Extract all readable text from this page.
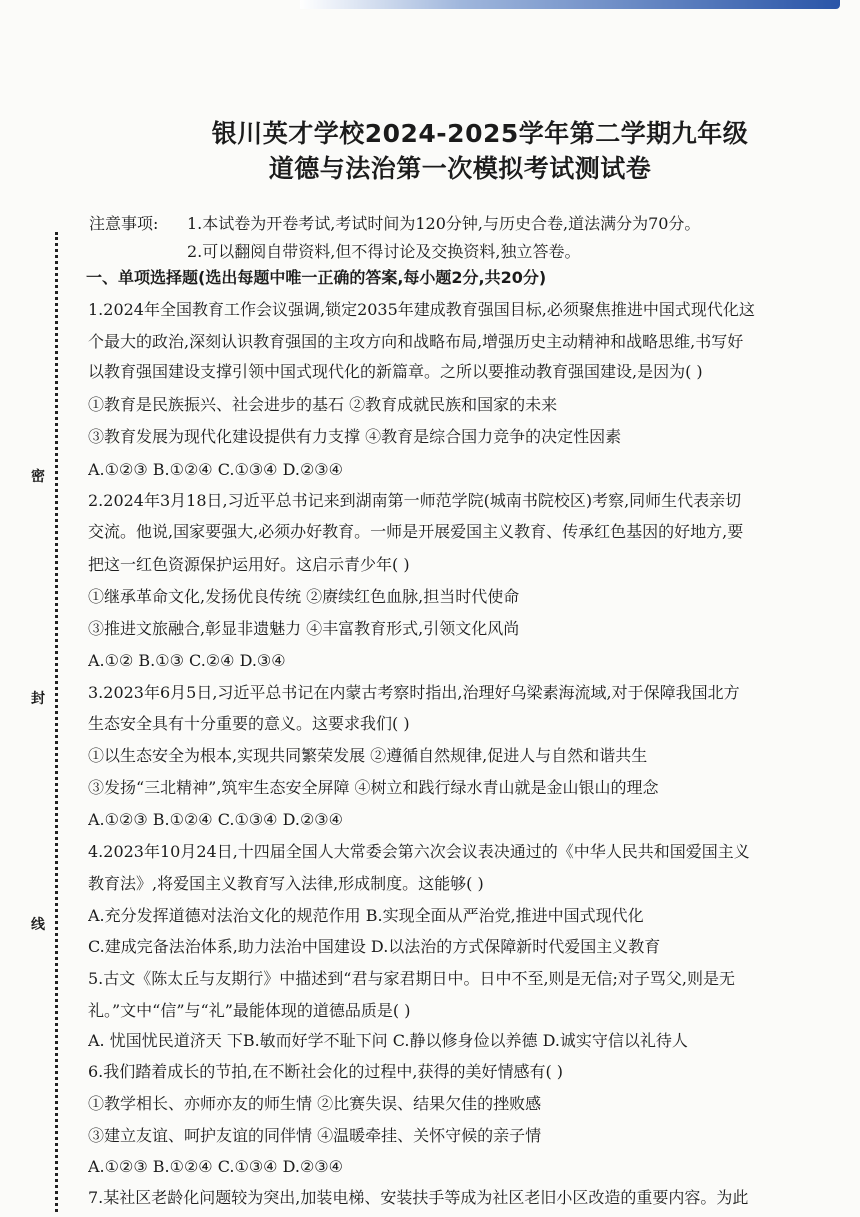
银川英才学校2024-2025学年第二学期九年级
道德与法治第一次模拟考试测试卷
密
封
线
注意事项: 1.本试卷为开卷考试,考试时间为120分钟,与历史合卷,道法满分为70分。
2.可以翻阅自带资料,但不得讨论及交换资料,独立答卷。
一、单项选择题(选出每题中唯一正确的答案,每小题2分,共20分)
1.2024年全国教育工作会议强调,锁定2035年建成教育强国目标,必须聚焦推进中国式现代化这
个最大的政治,深刻认识教育强国的主攻方向和战略布局,增强历史主动精神和战略思维,书写好
以教育强国建设支撑引领中国式现代化的新篇章。之所以要推动教育强国建设,是因为( )
①教育是民族振兴、社会进步的基石 ②教育成就民族和国家的未来
③教育发展为现代化建设提供有力支撑 ④教育是综合国力竞争的决定性因素
A.①②③ B.①②④ C.①③④ D.②③④
2.2024年3月18日,习近平总书记来到湖南第一师范学院(城南书院校区)考察,同师生代表亲切
交流。他说,国家要强大,必须办好教育。一师是开展爱国主义教育、传承红色基因的好地方,要
把这一红色资源保护运用好。这启示青少年( )
①继承革命文化,发扬优良传统 ②赓续红色血脉,担当时代使命
③推进文旅融合,彰显非遗魅力 ④丰富教育形式,引领文化风尚
A.①② B.①③ C.②④ D.③④
3.2023年6月5日,习近平总书记在内蒙古考察时指出,治理好乌梁素海流域,对于保障我国北方
生态安全具有十分重要的意义。这要求我们( )
①以生态安全为根本,实现共同繁荣发展 ②遵循自然规律,促进人与自然和谐共生
③发扬“三北精神”,筑牢生态安全屏障 ④树立和践行绿水青山就是金山银山的理念
A.①②③ B.①②④ C.①③④ D.②③④
4.2023年10月24日,十四届全国人大常委会第六次会议表决通过的《中华人民共和国爱国主义
教育法》,将爱国主义教育写入法律,形成制度。这能够( )
A.充分发挥道德对法治文化的规范作用 B.实现全面从严治党,推进中国式现代化
C.建成完备法治体系,助力法治中国建设 D.以法治的方式保障新时代爱国主义教育
5.古文《陈太丘与友期行》中描述到“君与家君期日中。日中不至,则是无信;对子骂父,则是无
礼。”文中“信”与“礼”最能体现的道德品质是( )
A. 忧国忧民道济天 下B.敏而好学不耻下问 C.静以修身俭以养德 D.诚实守信以礼待人
6.我们踏着成长的节拍,在不断社会化的过程中,获得的美好情感有( )
①教学相长、亦师亦友的师生情 ②比赛失误、结果欠佳的挫败感
③建立友谊、呵护友谊的同伴情 ④温暖牵挂、关怀守候的亲子情
A.①②③ B.①②④ C.①③④ D.②③④
7.某社区老龄化问题较为突出,加装电梯、安装扶手等成为社区老旧小区改造的重要内容。为此
